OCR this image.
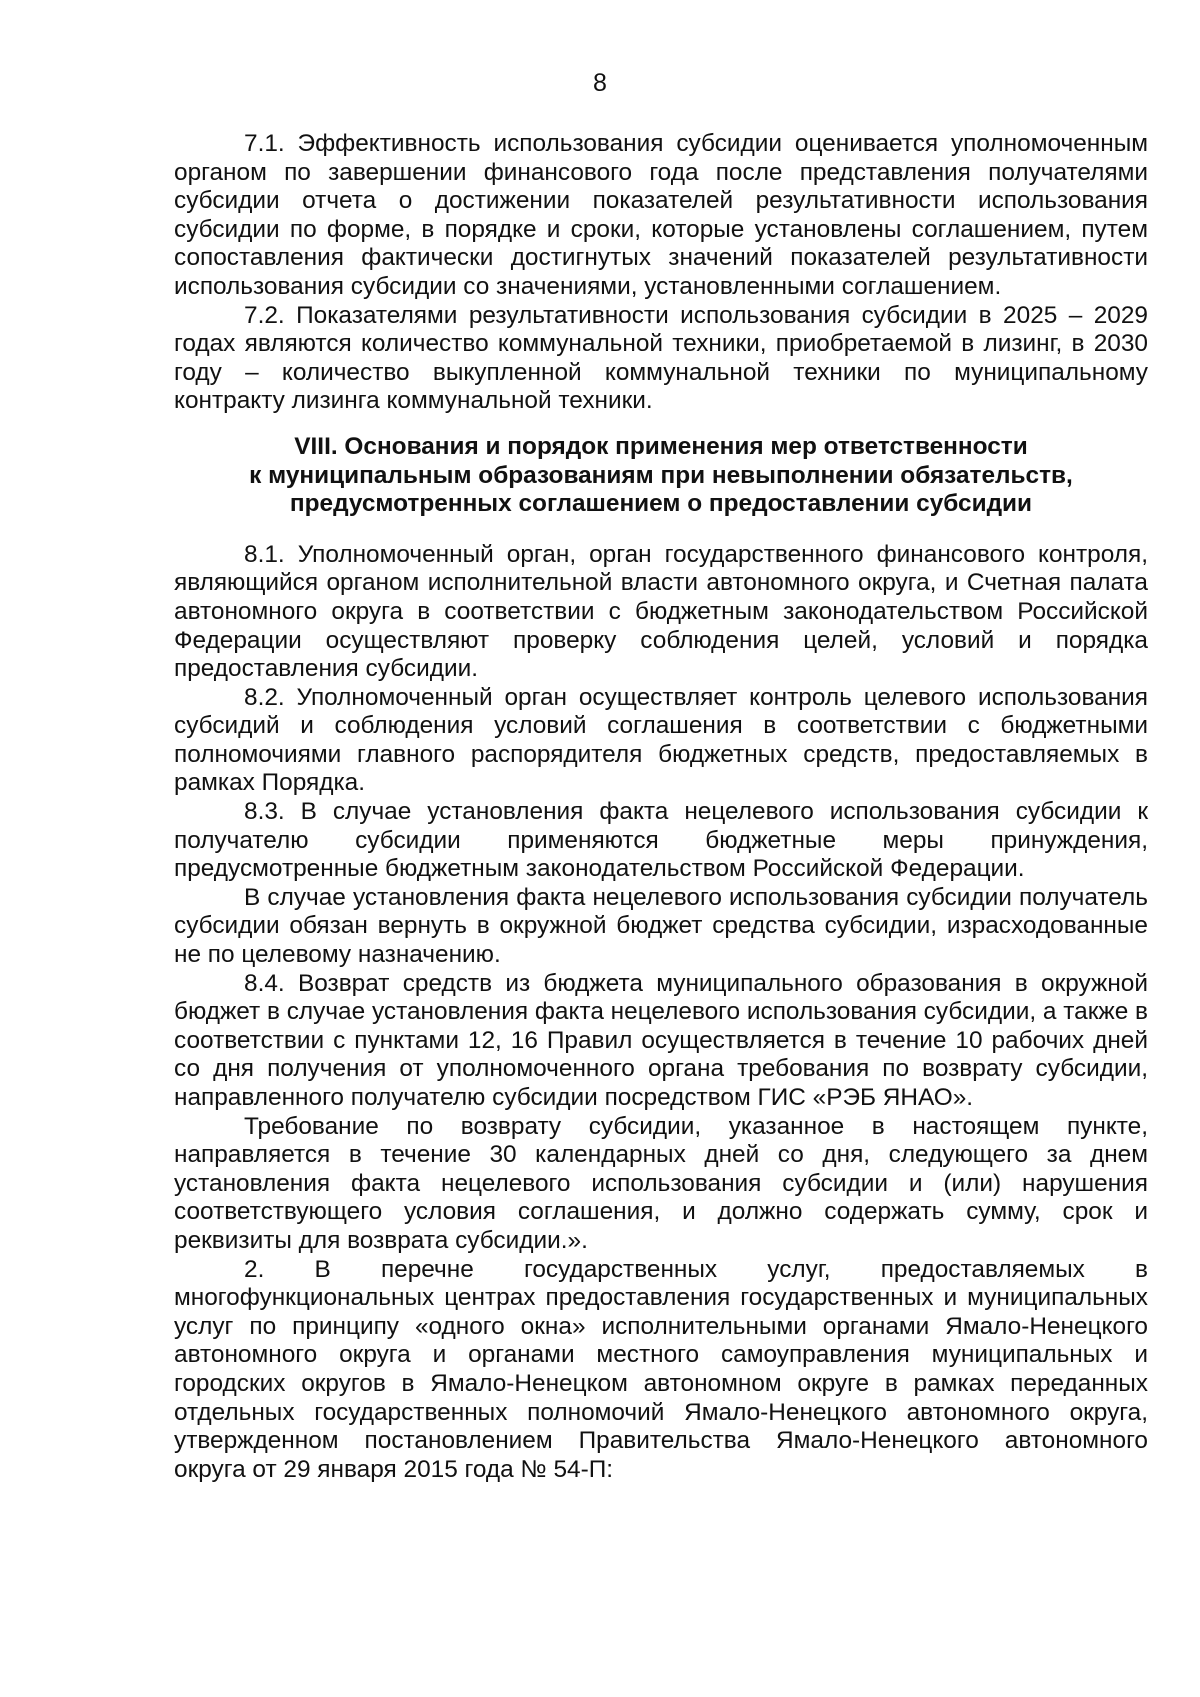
8

7.1. Эффективность использования субсидии оценивается уполномоченным органом по завершении финансового года после представления получателями субсидии отчета о достижении показателей результативности использования субсидии по форме, в порядке и сроки, которые установлены соглашением, путем сопоставления фактически достигнутых значений показателей результативности использования субсидии со значениями, установленными соглашением.

7.2. Показателями результативности использования субсидии в 2025 – 2029 годах являются количество коммунальной техники, приобретаемой в лизинг, в 2030 году – количество выкупленной коммунальной техники по муниципальному контракту лизинга коммунальной техники.

VIII. Основания и порядок применения мер ответственности
к муниципальным образованиям при невыполнении обязательств,
предусмотренных соглашением о предоставлении субсидии

8.1. Уполномоченный орган, орган государственного финансового контроля, являющийся органом исполнительной власти автономного округа, и Счетная палата автономного округа в соответствии с бюджетным законодательством Российской Федерации осуществляют проверку соблюдения целей, условий и порядка предоставления субсидии.

8.2. Уполномоченный орган осуществляет контроль целевого использования субсидий и соблюдения условий соглашения в соответствии с бюджетными полномочиями главного распорядителя бюджетных средств, предоставляемых в рамках Порядка.

8.3. В случае установления факта нецелевого использования субсидии к получателю субсидии применяются бюджетные меры принуждения, предусмотренные бюджетным законодательством Российской Федерации.

В случае установления факта нецелевого использования субсидии получатель субсидии обязан вернуть в окружной бюджет средства субсидии, израсходованные не по целевому назначению.

8.4. Возврат средств из бюджета муниципального образования в окружной бюджет в случае установления факта нецелевого использования субсидии, а также в соответствии с пунктами 12, 16 Правил осуществляется в течение 10 рабочих дней со дня получения от уполномоченного органа требования по возврату субсидии, направленного получателю субсидии посредством ГИС «РЭБ ЯНАО».

Требование по возврату субсидии, указанное в настоящем пункте, направляется в течение 30 календарных дней со дня, следующего за днем установления факта нецелевого использования субсидии и (или) нарушения соответствующего условия соглашения, и должно содержать сумму, срок и реквизиты для возврата субсидии.».

2. В перечне государственных услуг, предоставляемых в многофункциональных центрах предоставления государственных и муниципальных услуг по принципу «одного окна» исполнительными органами Ямало-Ненецкого автономного округа и органами местного самоуправления муниципальных и городских округов в Ямало-Ненецком автономном округе в рамках переданных отдельных государственных полномочий Ямало-Ненецкого автономного округа, утвержденном постановлением Правительства Ямало-Ненецкого автономного округа от 29 января 2015 года № 54-П:
